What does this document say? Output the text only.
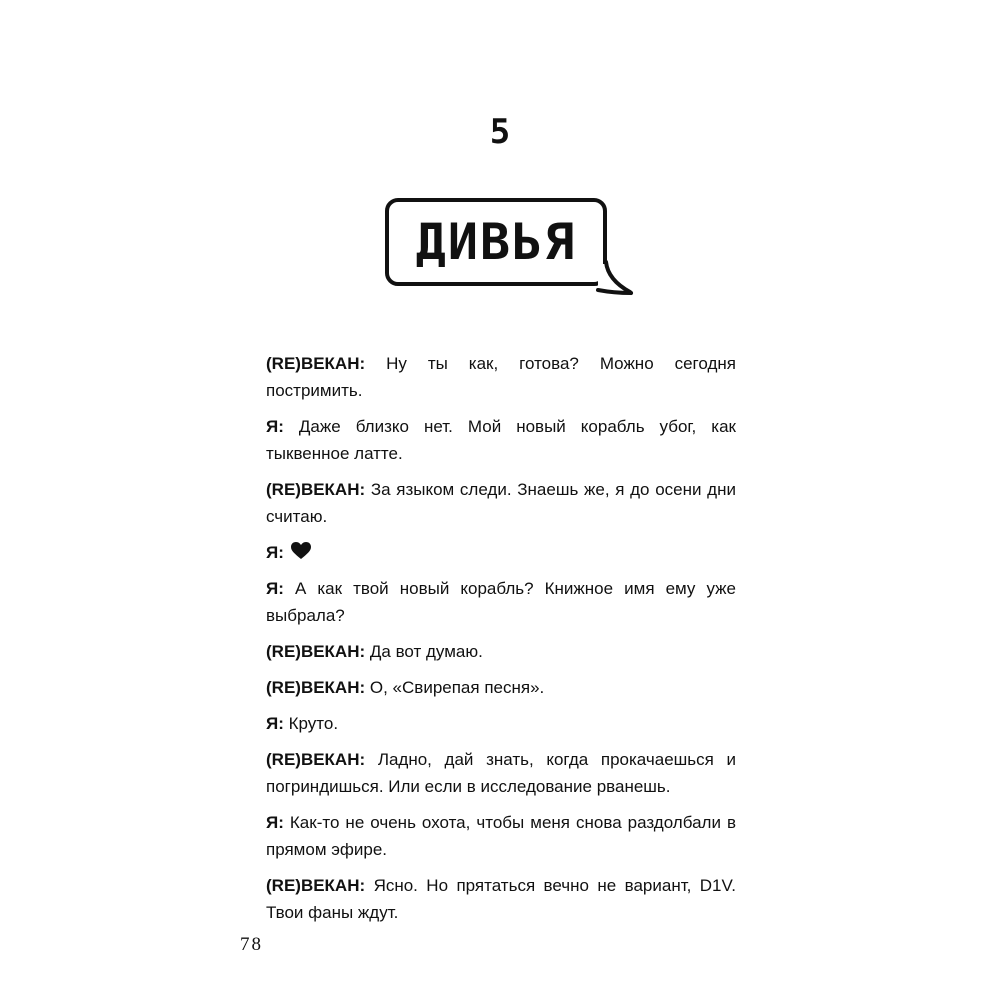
5
ДИВЬЯ

(RE)ВЕКАН: Ну ты как, готова? Можно сегодня постримить.

Я: Даже близко нет. Мой новый корабль убог, как тыквенное латте.

(RE)ВЕКАН: За языком следи. Знаешь же, я до осени дни считаю.

Я:

Я: А как твой новый корабль? Книжное имя ему уже выбрала?

(RE)ВЕКАН: Да вот думаю.

(RE)ВЕКАН: О, «Свирепая песня».

Я: Круто.

(RE)ВЕКАН: Ладно, дай знать, когда прокачаешься и погриндишься. Или если в исследование рванешь.

Я: Как-то не очень охота, чтобы меня снова раздолбали в прямом эфире.

(RE)ВЕКАН: Ясно. Но прятаться вечно не вариант, D1V. Твои фаны ждут.

78
